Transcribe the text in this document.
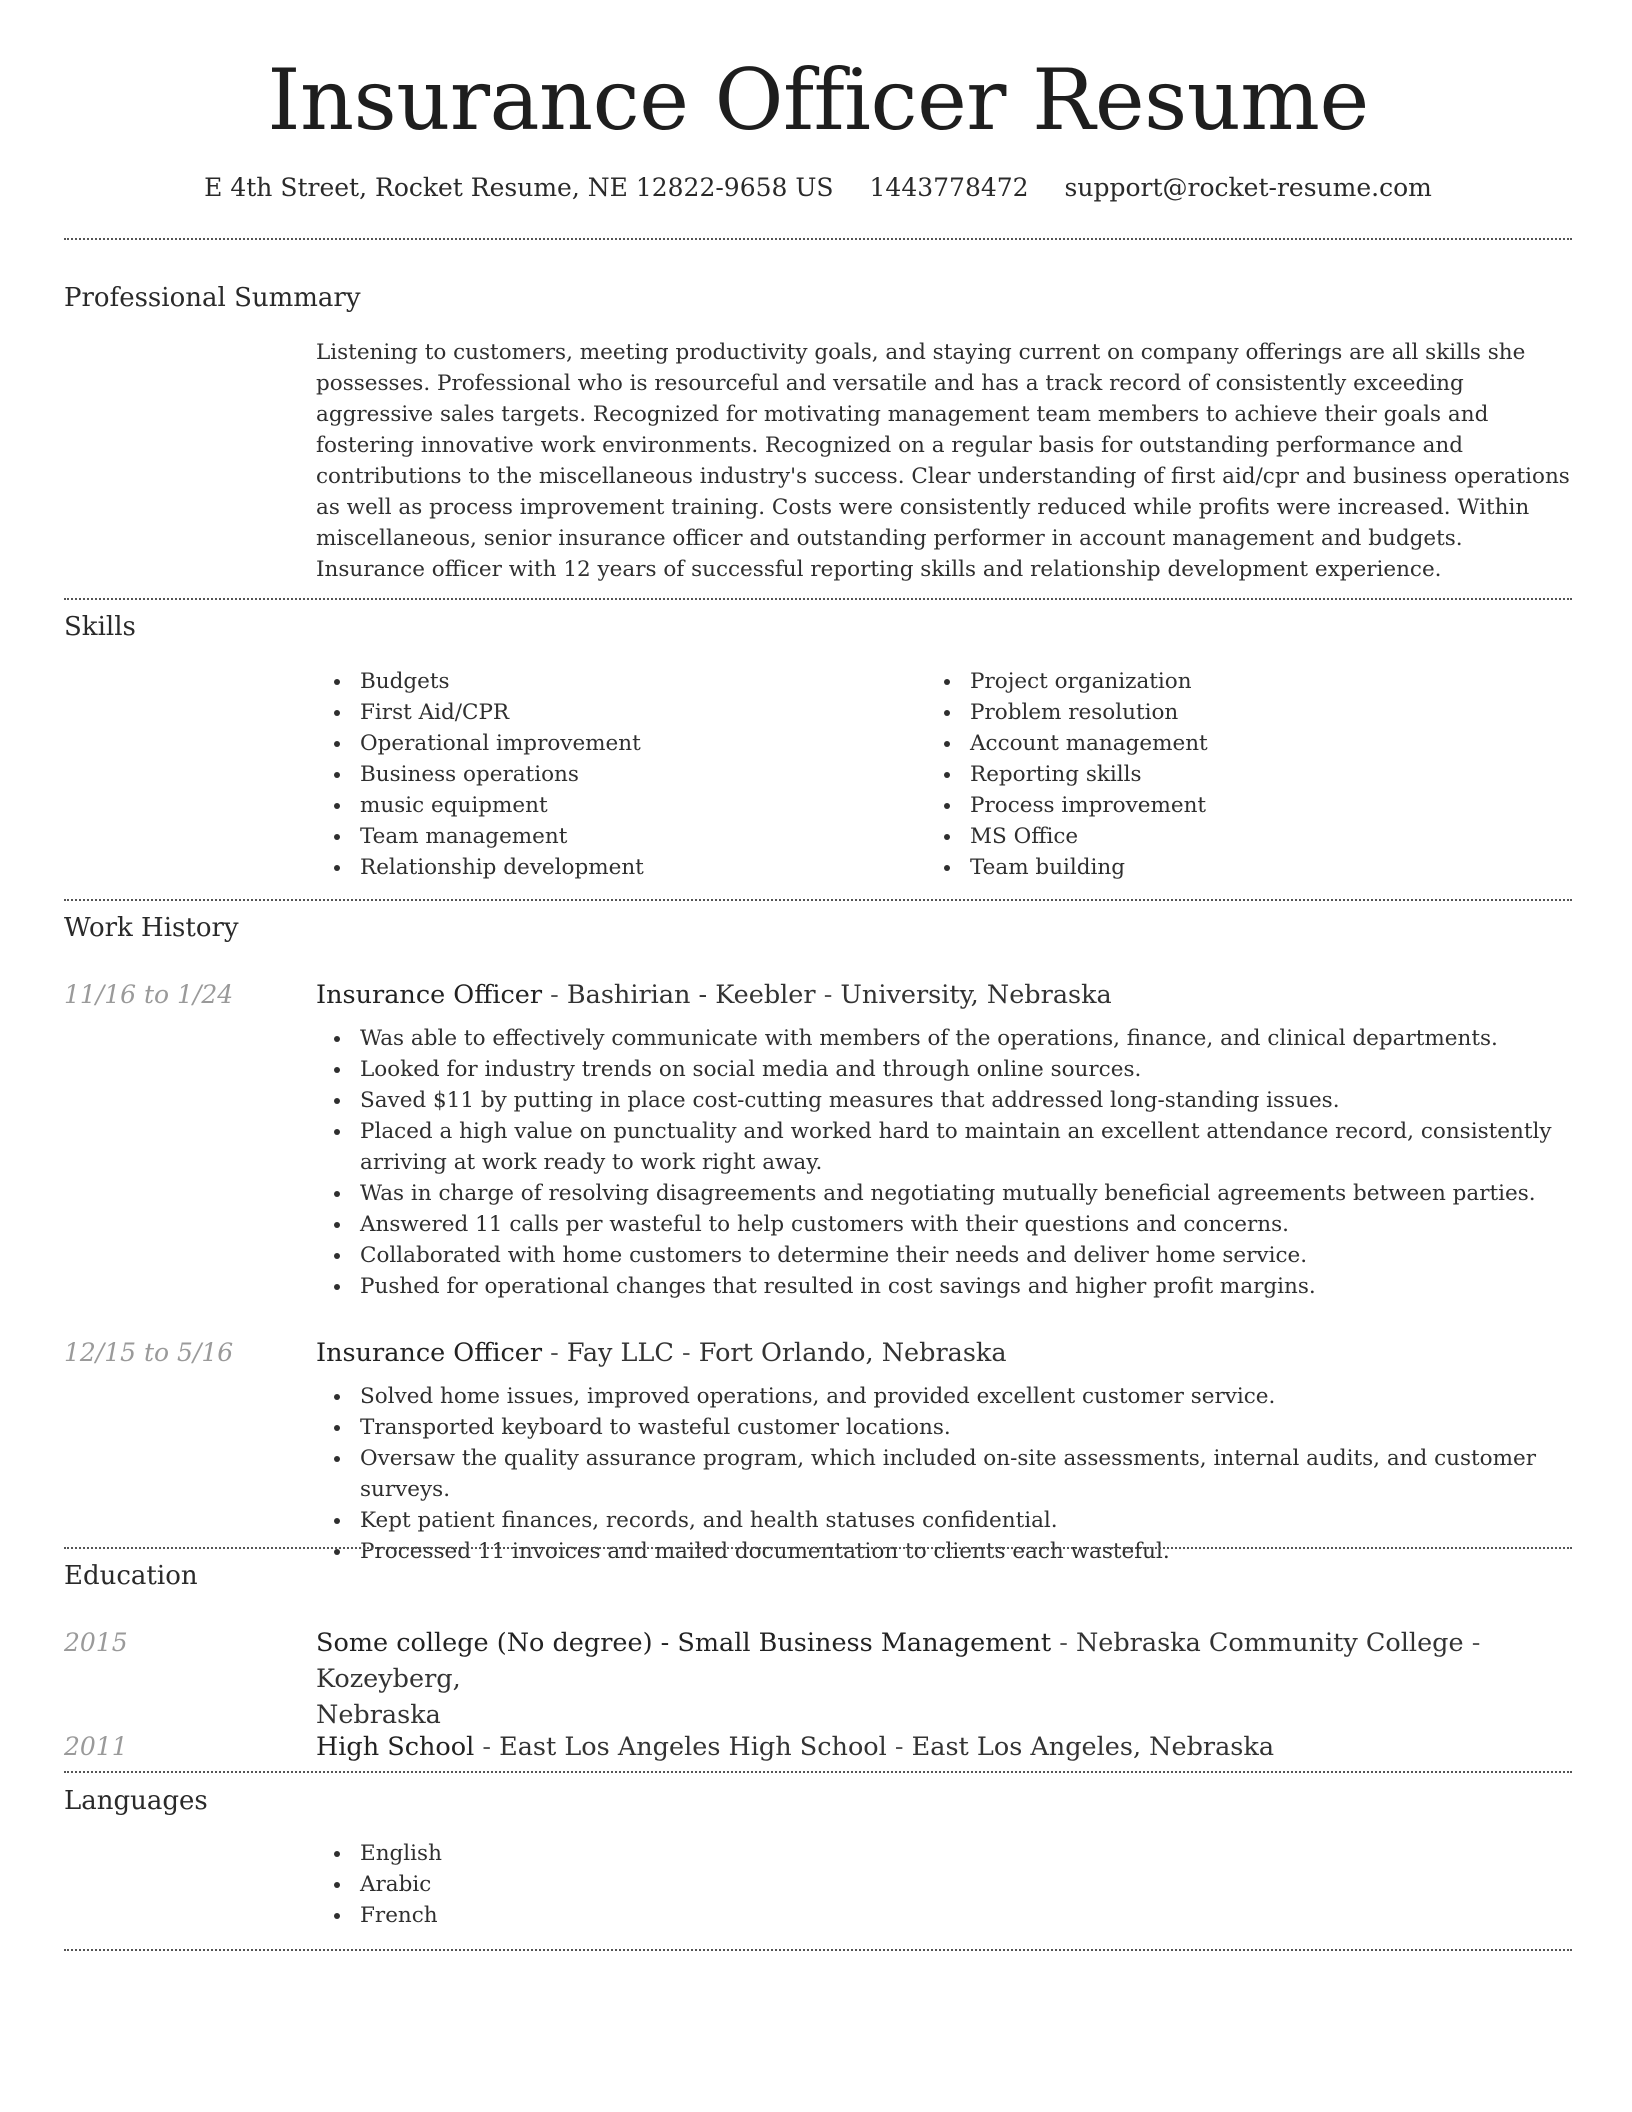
Insurance Officer Resume
E 4th Street, Rocket Resume, NE 12822-9658 US 1443778472 support@rocket-resume.com
Professional Summary

Listening to customers, meeting productivity goals, and staying current on company offerings are all skills she possesses. Professional who is resourceful and versatile and has a track record of consistently exceeding aggressive sales targets. Recognized for motivating management team members to achieve their goals and fostering innovative work environments. Recognized on a regular basis for outstanding performance and contributions to the miscellaneous industry's success. Clear understanding of first aid/cpr and business operations as well as process improvement training. Costs were consistently reduced while profits were increased. Within miscellaneous, senior insurance officer and outstanding performer in account management and budgets. Insurance officer with 12 years of successful reporting skills and relationship development experience.

Skills
Budgets
First Aid/CPR
Operational improvement
Business operations
music equipment
Team management
Relationship development
Project organization
Problem resolution
Account management
Reporting skills
Process improvement
MS Office
Team building
Work History
11/16 to 1/24	Insurance Officer - Bashirian - Keebler - University, Nebraska

Was able to effectively communicate with members of the operations, finance, and clinical departments.
Looked for industry trends on social media and through online sources.
Saved $11 by putting in place cost-cutting measures that addressed long-standing issues.
Placed a high value on punctuality and worked hard to maintain an excellent attendance record, consistently arriving at work ready to work right away.
Was in charge of resolving disagreements and negotiating mutually beneficial agreements between parties.
Answered 11 calls per wasteful to help customers with their questions and concerns.
Collaborated with home customers to determine their needs and deliver home service.
Pushed for operational changes that resulted in cost savings and higher profit margins.
12/15 to 5/16	Insurance Officer - Fay LLC - Fort Orlando, Nebraska

Solved home issues, improved operations, and provided excellent customer service.
Transported keyboard to wasteful customer locations.
Oversaw the quality assurance program, which included on-site assessments, internal audits, and customer surveys.
Kept patient finances, records, and health statuses confidential.
Processed 11 invoices and mailed documentation to clients each wasteful.
Education
2015	Some college (No degree) - Small Business Management - Nebraska Community College - Kozeyberg,
Nebraska

2011	High School - East Los Angeles High School - East Los Angeles, Nebraska

Languages
English
Arabic
French
